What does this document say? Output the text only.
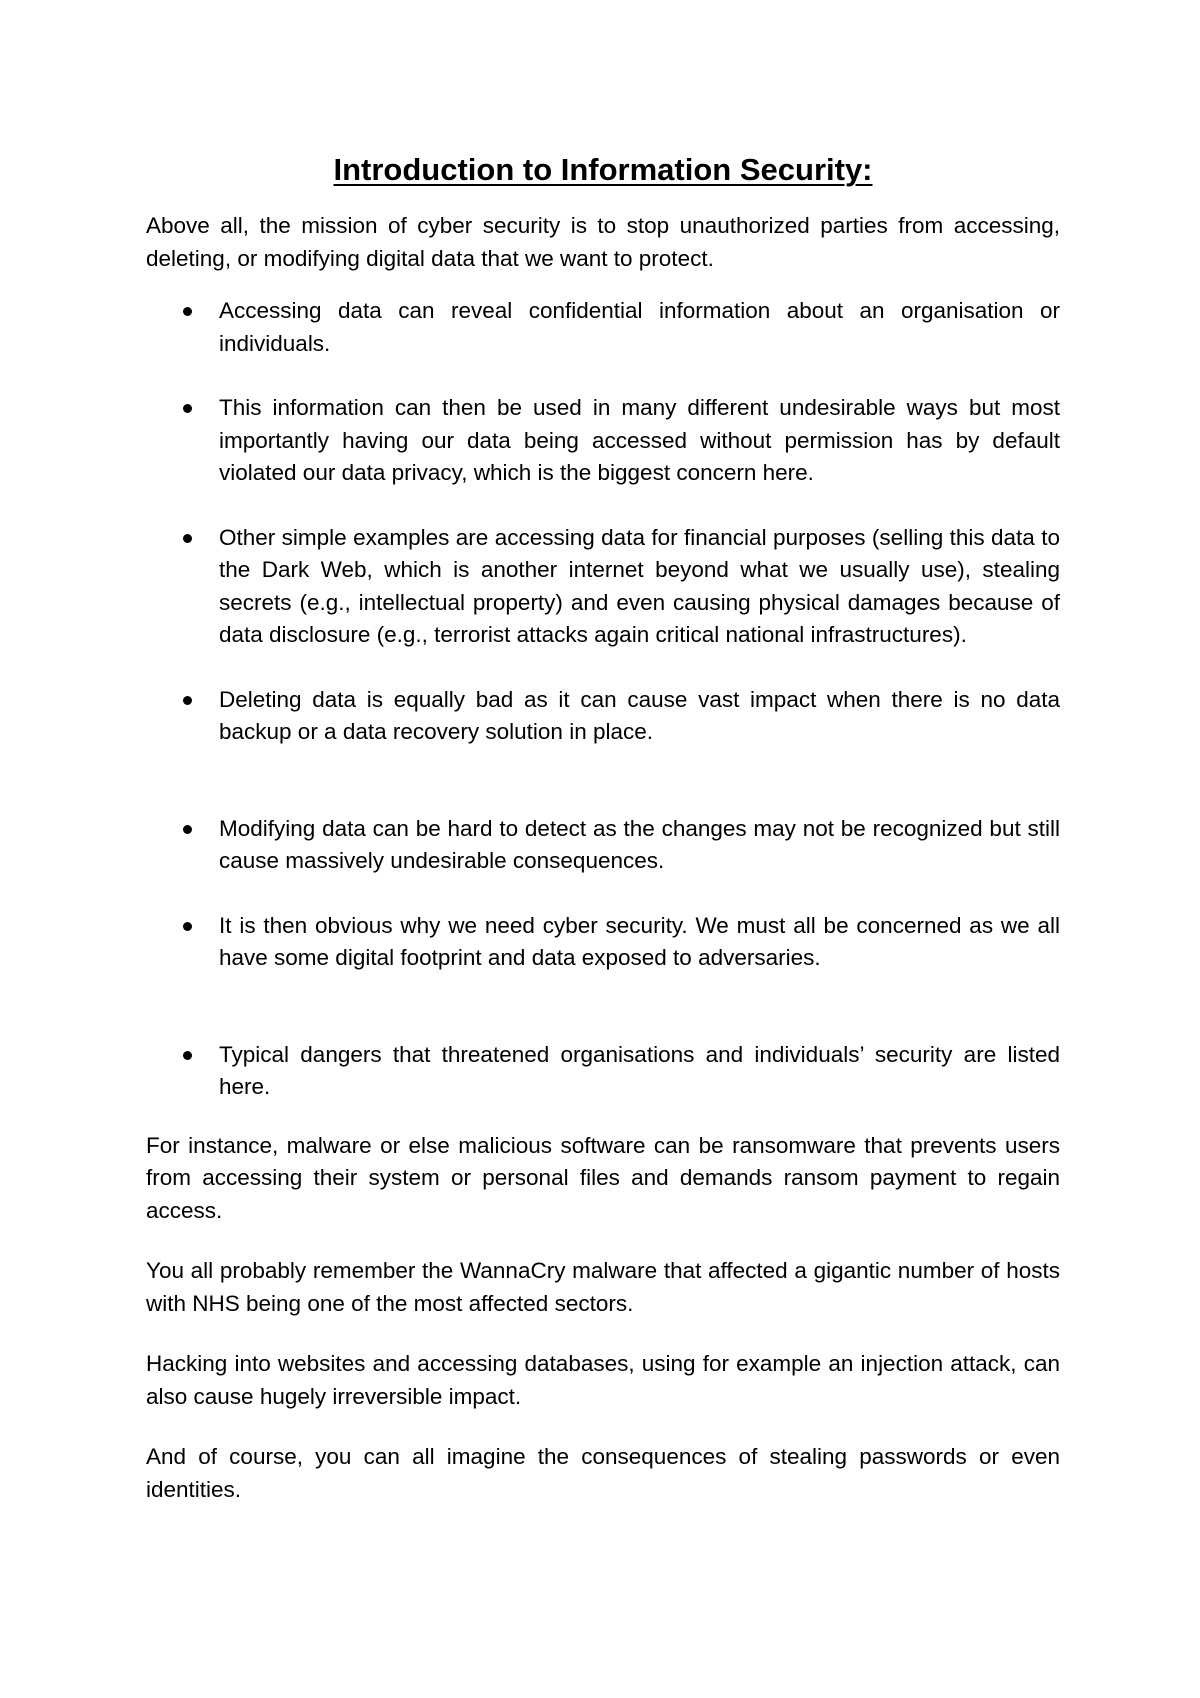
Introduction to Information Security:

Above all, the mission of cyber security is to stop unauthorized parties from accessing, deleting, or modifying digital data that we want to protect.

Accessing data can reveal confidential information about an organisation or individuals.
This information can then be used in many different undesirable ways but most importantly having our data being accessed without permission has by default violated our data privacy, which is the biggest concern here.
Other simple examples are accessing data for financial purposes (selling this data to the Dark Web, which is another internet beyond what we usually use), stealing secrets (e.g., intellectual property) and even causing physical damages because of data disclosure (e.g., terrorist attacks again critical national infrastructures).
Deleting data is equally bad as it can cause vast impact when there is no data backup or a data recovery solution in place.
Modifying data can be hard to detect as the changes may not be recognized but still cause massively undesirable consequences.
It is then obvious why we need cyber security. We must all be concerned as we all have some digital footprint and data exposed to adversaries.
Typical dangers that threatened organisations and individuals’ security are listed here.

For instance, malware or else malicious software can be ransomware that prevents users from accessing their system or personal files and demands ransom payment to regain access.

You all probably remember the WannaCry malware that affected a gigantic number of hosts with NHS being one of the most affected sectors.

Hacking into websites and accessing databases, using for example an injection attack, can also cause hugely irreversible impact.

And of course, you can all imagine the consequences of stealing passwords or even identities.
